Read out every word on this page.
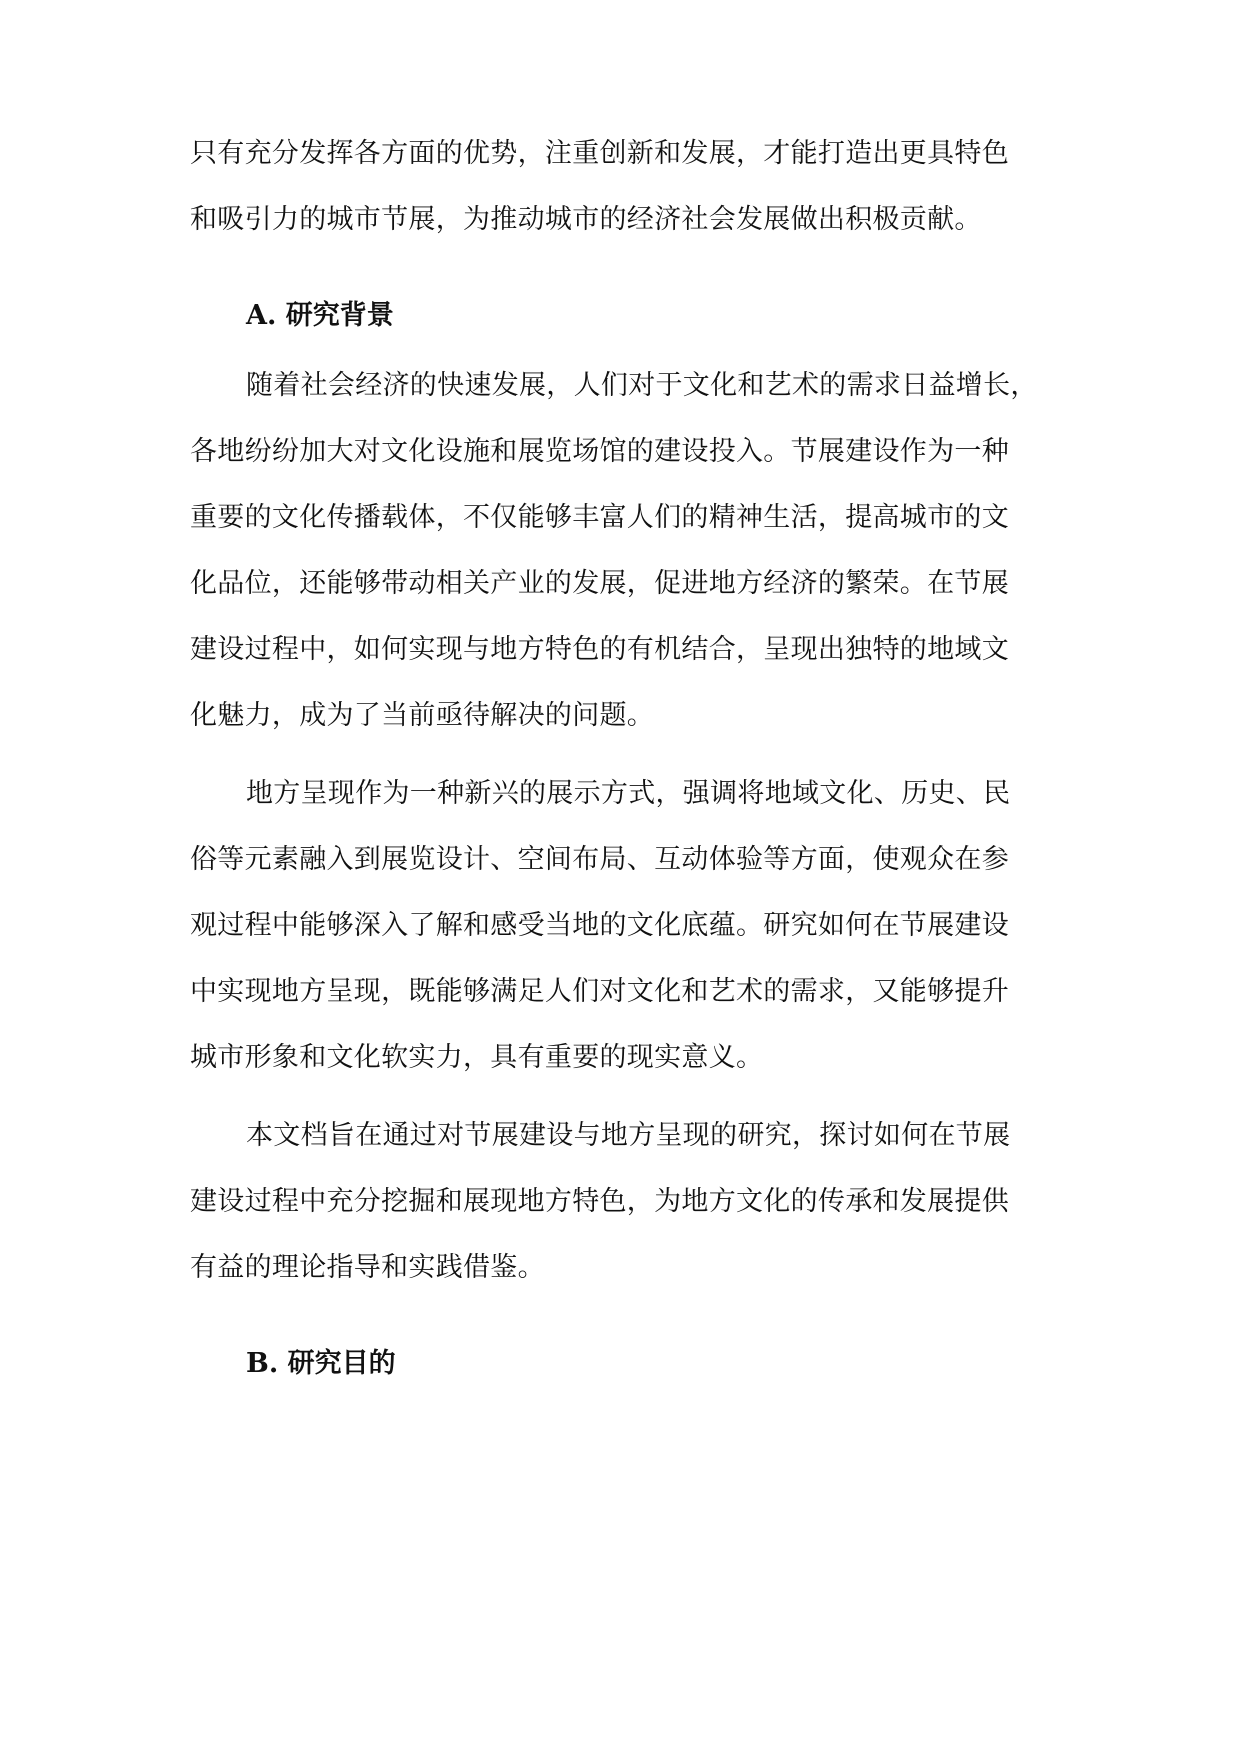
只有充分发挥各方面的优势，注重创新和发展，才能打造出更具特色
和吸引力的城市节展，为推动城市的经济社会发展做出积极贡献。
A. 研究背景
随着社会经济的快速发展，人们对于文化和艺术的需求日益增长，
各地纷纷加大对文化设施和展览场馆的建设投入。节展建设作为一种
重要的文化传播载体，不仅能够丰富人们的精神生活，提高城市的文
化品位，还能够带动相关产业的发展，促进地方经济的繁荣。在节展
建设过程中，如何实现与地方特色的有机结合，呈现出独特的地域文
化魅力，成为了当前亟待解决的问题。
地方呈现作为一种新兴的展示方式，强调将地域文化、历史、民
俗等元素融入到展览设计、空间布局、互动体验等方面，使观众在参
观过程中能够深入了解和感受当地的文化底蕴。研究如何在节展建设
中实现地方呈现，既能够满足人们对文化和艺术的需求，又能够提升
城市形象和文化软实力，具有重要的现实意义。
本文档旨在通过对节展建设与地方呈现的研究，探讨如何在节展
建设过程中充分挖掘和展现地方特色，为地方文化的传承和发展提供
有益的理论指导和实践借鉴。
B. 研究目的
